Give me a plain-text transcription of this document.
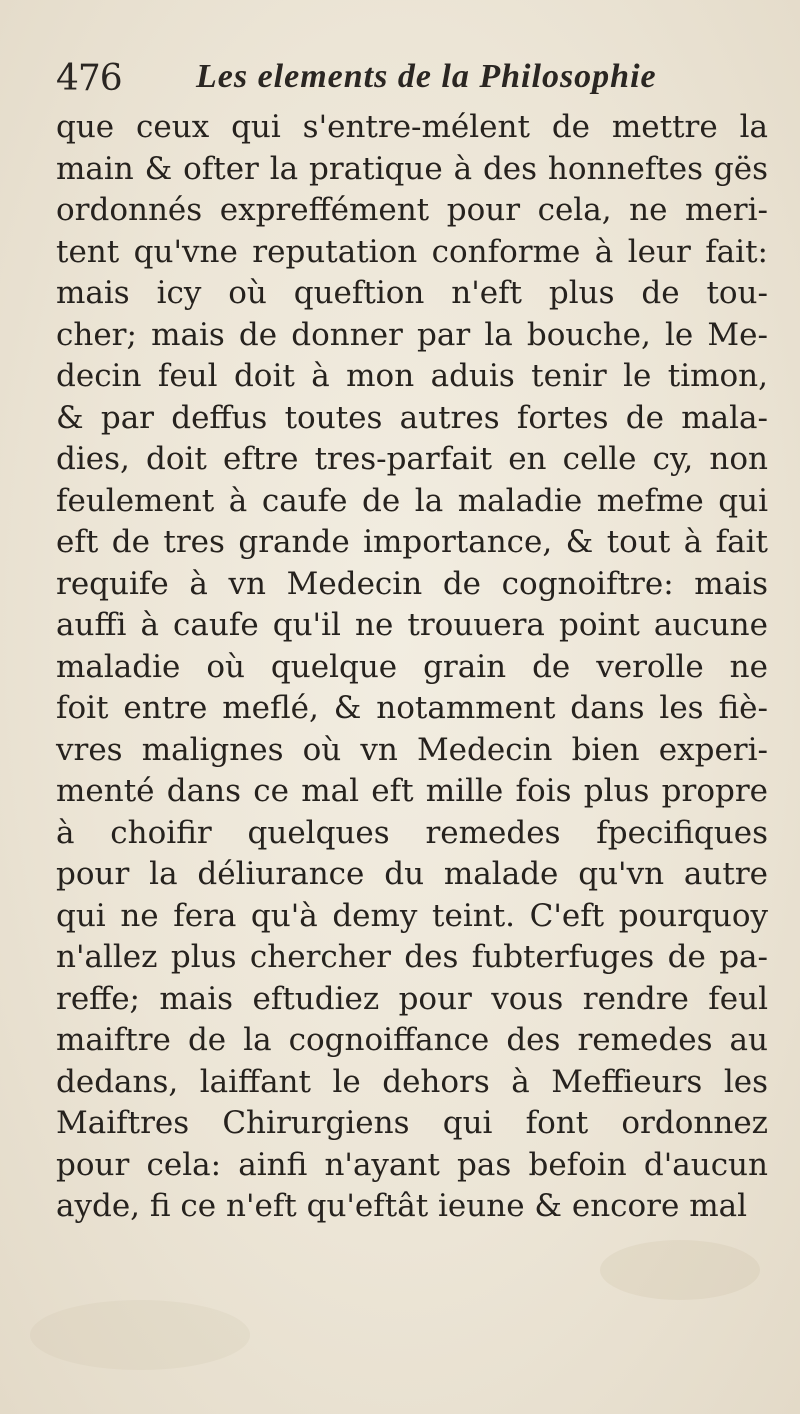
476 Les elements de la Philosophie
que ceux qui s'entre-mélent de mettre la
main & ofter la pratique à des honneftes gës
ordonnés expreffément pour cela, ne meri-
tent qu'vne reputation conforme à leur fait:
mais icy où queftion n'eft plus de tou-
cher; mais de donner par la bouche, le Me-
decin feul doit à mon aduis tenir le timon,
& par deffus toutes autres fortes de mala-
dies, doit eftre tres-parfait en celle cy, non
feulement à caufe de la maladie mefme qui
eft de tres grande importance, & tout à fait
requife à vn Medecin de cognoiftre: mais
auffi à caufe qu'il ne trouuera point aucune
maladie où quelque grain de verolle ne
foit entre meflé, & notamment dans les fiè-
vres malignes où vn Medecin bien experi-
menté dans ce mal eft mille fois plus propre
à choifir quelques remedes fpecifiques
pour la déliurance du malade qu'vn autre
qui ne fera qu'à demy teint. C'eft pourquoy
n'allez plus chercher des fubterfuges de pa-
reffe; mais eftudiez pour vous rendre feul
maiftre de la cognoiffance des remedes au
dedans, laiffant le dehors à Meffieurs les
Maiftres Chirurgiens qui font ordonnez
pour cela: ainfi n'ayant pas befoin d'aucun
ayde, fi ce n'eft qu'eftât ieune & encore mal
